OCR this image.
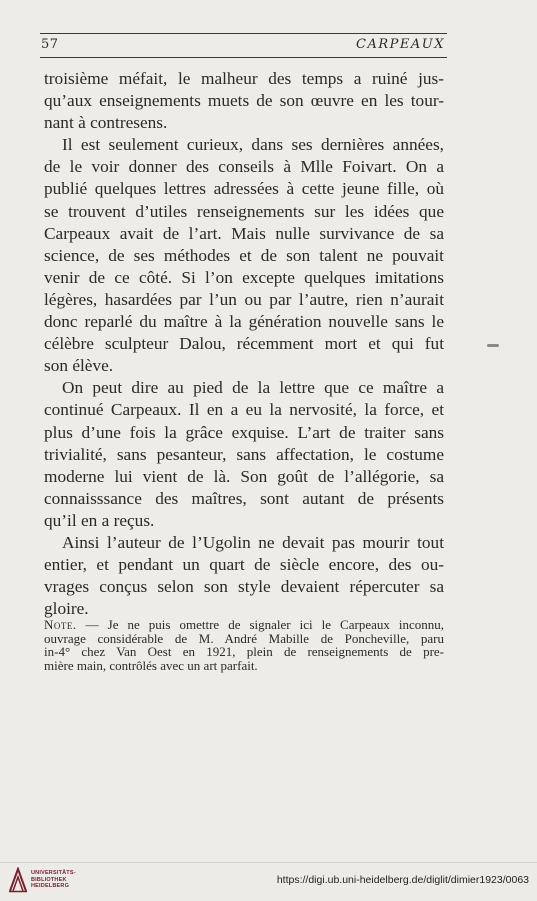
57	CARPEAUX

troisième méfait, le malheur des temps a ruiné jus-
qu’aux enseignements muets de son œuvre en les tour-
nant à contresens.

Il est seulement curieux, dans ses dernières années,

de le voir donner des conseils à Mlle Foivart. On a
publié quelques lettres adressées à cette jeune fille, où
se trouvent d’utiles renseignements sur les idées que
Carpeaux avait de l’art. Mais nulle survivance de sa
science, de ses méthodes et de son talent ne pouvait
venir de ce côté. Si l’on excepte quelques imitations
légères, hasardées par l’un ou par l’autre, rien n’aurait
donc reparlé du maître à la génération nouvelle sans le
célèbre sculpteur Dalou, récemment mort et qui fut
son élève.

On peut dire au pied de la lettre que ce maître a

continué Carpeaux. Il en a eu la nervosité, la force, et
plus d’une fois la grâce exquise. L’art de traiter sans
trivialité, sans pesanteur, sans affectation, le costume
moderne lui vient de là. Son goût de l’allégorie, sa
connaisssance des maîtres, sont autant de présents
qu’il en a reçus.

Ainsi l’auteur de l’Ugolin ne devait pas mourir tout

entier, et pendant un quart de siècle encore, des ou-
vrages conçus selon son style devaient répercuter sa
gloire.

Note. — Je ne puis omettre de signaler ici le Carpeaux inconnu,
ouvrage considérable de M. André Mabille de Poncheville, paru
in-4° chez Van Oest en 1921, plein de renseignements de pre-
mière main, contrôlés avec un art parfait.
UNIVERSITÄTS-
BIBLIOTHEK
HEIDELBERG	https://digi.ub.uni-heidelberg.de/diglit/dimier1923/0063
